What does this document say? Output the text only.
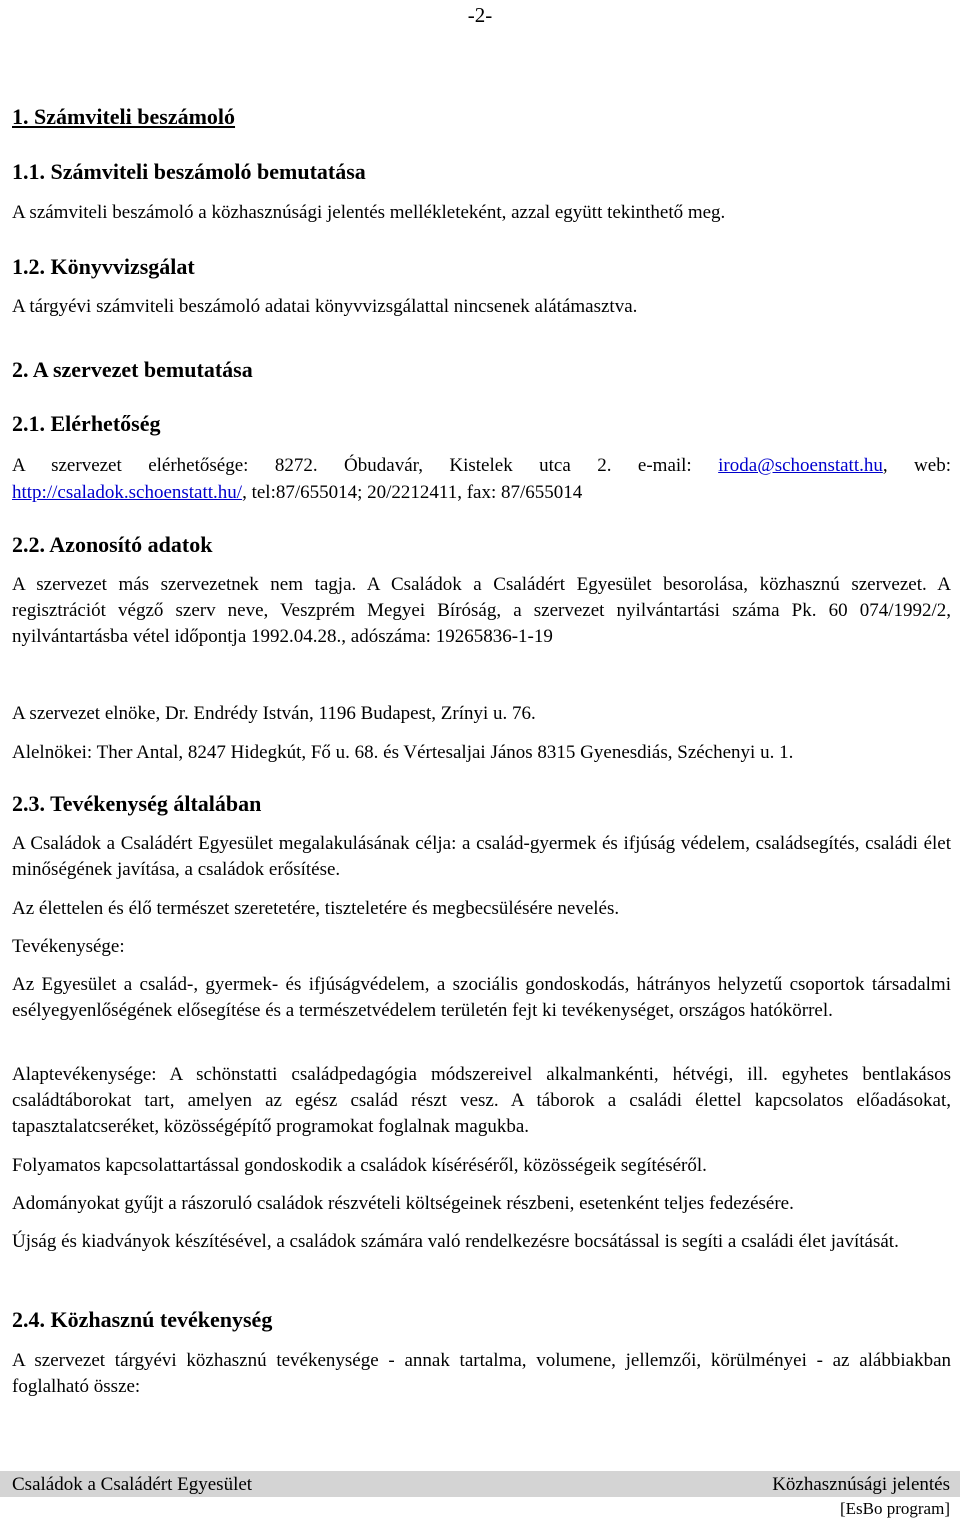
-2-
1. Számviteli beszámoló
1.1. Számviteli beszámoló bemutatása
A számviteli beszámoló a közhasznúsági jelentés mellékleteként, azzal együtt tekinthető meg.
1.2. Könyvvizsgálat
A tárgyévi számviteli beszámoló adatai könyvvizsgálattal nincsenek alátámasztva.
2. A szervezet bemutatása
2.1. Elérhetőség
A szervezet elérhetősége: 8272. Óbudavár, Kistelek utca 2. e-mail: iroda@schoenstatt.hu, web: http://csaladok.schoenstatt.hu/, tel:87/655014; 20/2212411, fax: 87/655014
2.2. Azonosító adatok
A szervezet más szervezetnek nem tagja. A Családok a Családért Egyesület besorolása, közhasznú szervezet. A regisztrációt végző szerv neve, Veszprém Megyei Bíróság, a szervezet nyilvántartási száma Pk. 60 074/1992/2, nyilvántartásba vétel időpontja 1992.04.28., adószáma: 19265836-1-19
A szervezet elnöke, Dr. Endrédy István, 1196 Budapest, Zrínyi u. 76.
Alelnökei: Ther Antal, 8247 Hidegkút, Fő u. 68. és Vértesaljai János 8315 Gyenesdiás, Széchenyi u. 1.
2.3. Tevékenység általában
A Családok a Családért Egyesület megalakulásának célja: a család-gyermek és ifjúság védelem, családsegítés, családi élet minőségének javítása, a családok erősítése.
Az élettelen és élő természet szeretetére, tiszteletére és megbecsülésére nevelés.
Tevékenysége:
Az Egyesület a család-, gyermek- és ifjúságvédelem, a szociális gondoskodás, hátrányos helyzetű csoportok társadalmi esélyegyenlőségének elősegítése és a természetvédelem területén fejt ki tevékenységet, országos hatókörrel.
Alaptevékenysége: A schönstatti családpedagógia módszereivel alkalmankénti, hétvégi, ill. egyhetes bentlakásos családtáborokat tart, amelyen az egész család részt vesz. A táborok a családi élettel kapcsolatos előadásokat, tapasztalatcseréket, közösségépítő programokat foglalnak magukba.
Folyamatos kapcsolattartással gondoskodik a családok kíséréséről, közösségeik segítéséről.
Adományokat gyűjt a rászoruló családok részvételi költségeinek részbeni, esetenként teljes fedezésére.
Újság és kiadványok készítésével, a családok számára való rendelkezésre bocsátással is segíti a családi élet javítását.
2.4. Közhasznú tevékenység
A szervezet tárgyévi közhasznú tevékenysége - annak tartalma, volumene, jellemzői, körülményei - az alábbiakban foglalható össze:
Családok a Családért Egyesület	Közhasznúsági jelentés
[EsBo program]
